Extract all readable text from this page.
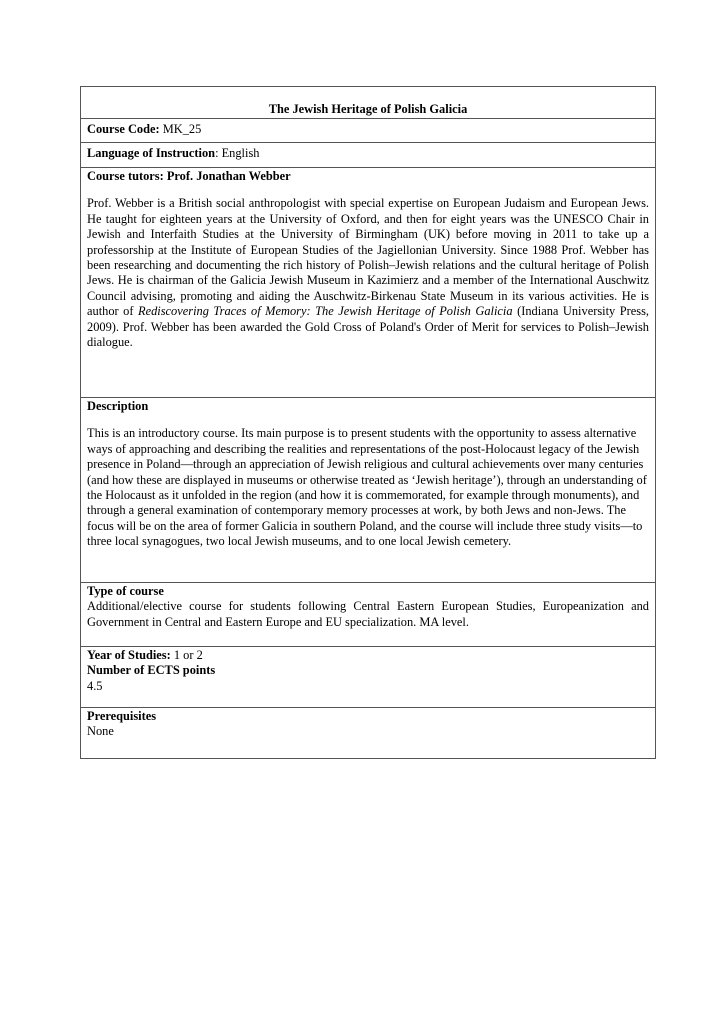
The Jewish Heritage of Polish Galicia
Course Code: MK_25
Language of Instruction: English
Course tutors: Prof. Jonathan Webber

Prof. Webber is a British social anthropologist with special expertise on European Judaism and European Jews. He taught for eighteen years at the University of Oxford, and then for eight years was the UNESCO Chair in Jewish and Interfaith Studies at the University of Birmingham (UK) before moving in 2011 to take up a professorship at the Institute of European Studies of the Jagiellonian University. Since 1988 Prof. Webber has been researching and documenting the rich history of Polish–Jewish relations and the cultural heritage of Polish Jews. He is chairman of the Galicia Jewish Museum in Kazimierz and a member of the International Auschwitz Council advising, promoting and aiding the Auschwitz-Birkenau State Museum in its various activities. He is author of Rediscovering Traces of Memory: The Jewish Heritage of Polish Galicia (Indiana University Press, 2009). Prof. Webber has been awarded the Gold Cross of Poland's Order of Merit for services to Polish–Jewish dialogue.

Description

This is an introductory course. Its main purpose is to present students with the opportunity to assess alternative ways of approaching and describing the realities and representations of the post-Holocaust legacy of the Jewish presence in Poland—through an appreciation of Jewish religious and cultural achievements over many centuries (and how these are displayed in museums or otherwise treated as ‘Jewish heritage’), through an understanding of the Holocaust as it unfolded in the region (and how it is commemorated, for example through monuments), and through a general examination of contemporary memory processes at work, by both Jews and non-Jews. The focus will be on the area of former Galicia in southern Poland, and the course will include three study visits—to three local synagogues, two local Jewish museums, and to one local Jewish cemetery.

Type of course

Additional/elective course for students following Central Eastern European Studies, Europeanization and Government in Central and Eastern Europe and EU specialization. MA level.

Year of Studies: 1 or 2
Number of ECTS points
4.5
Prerequisites
None
